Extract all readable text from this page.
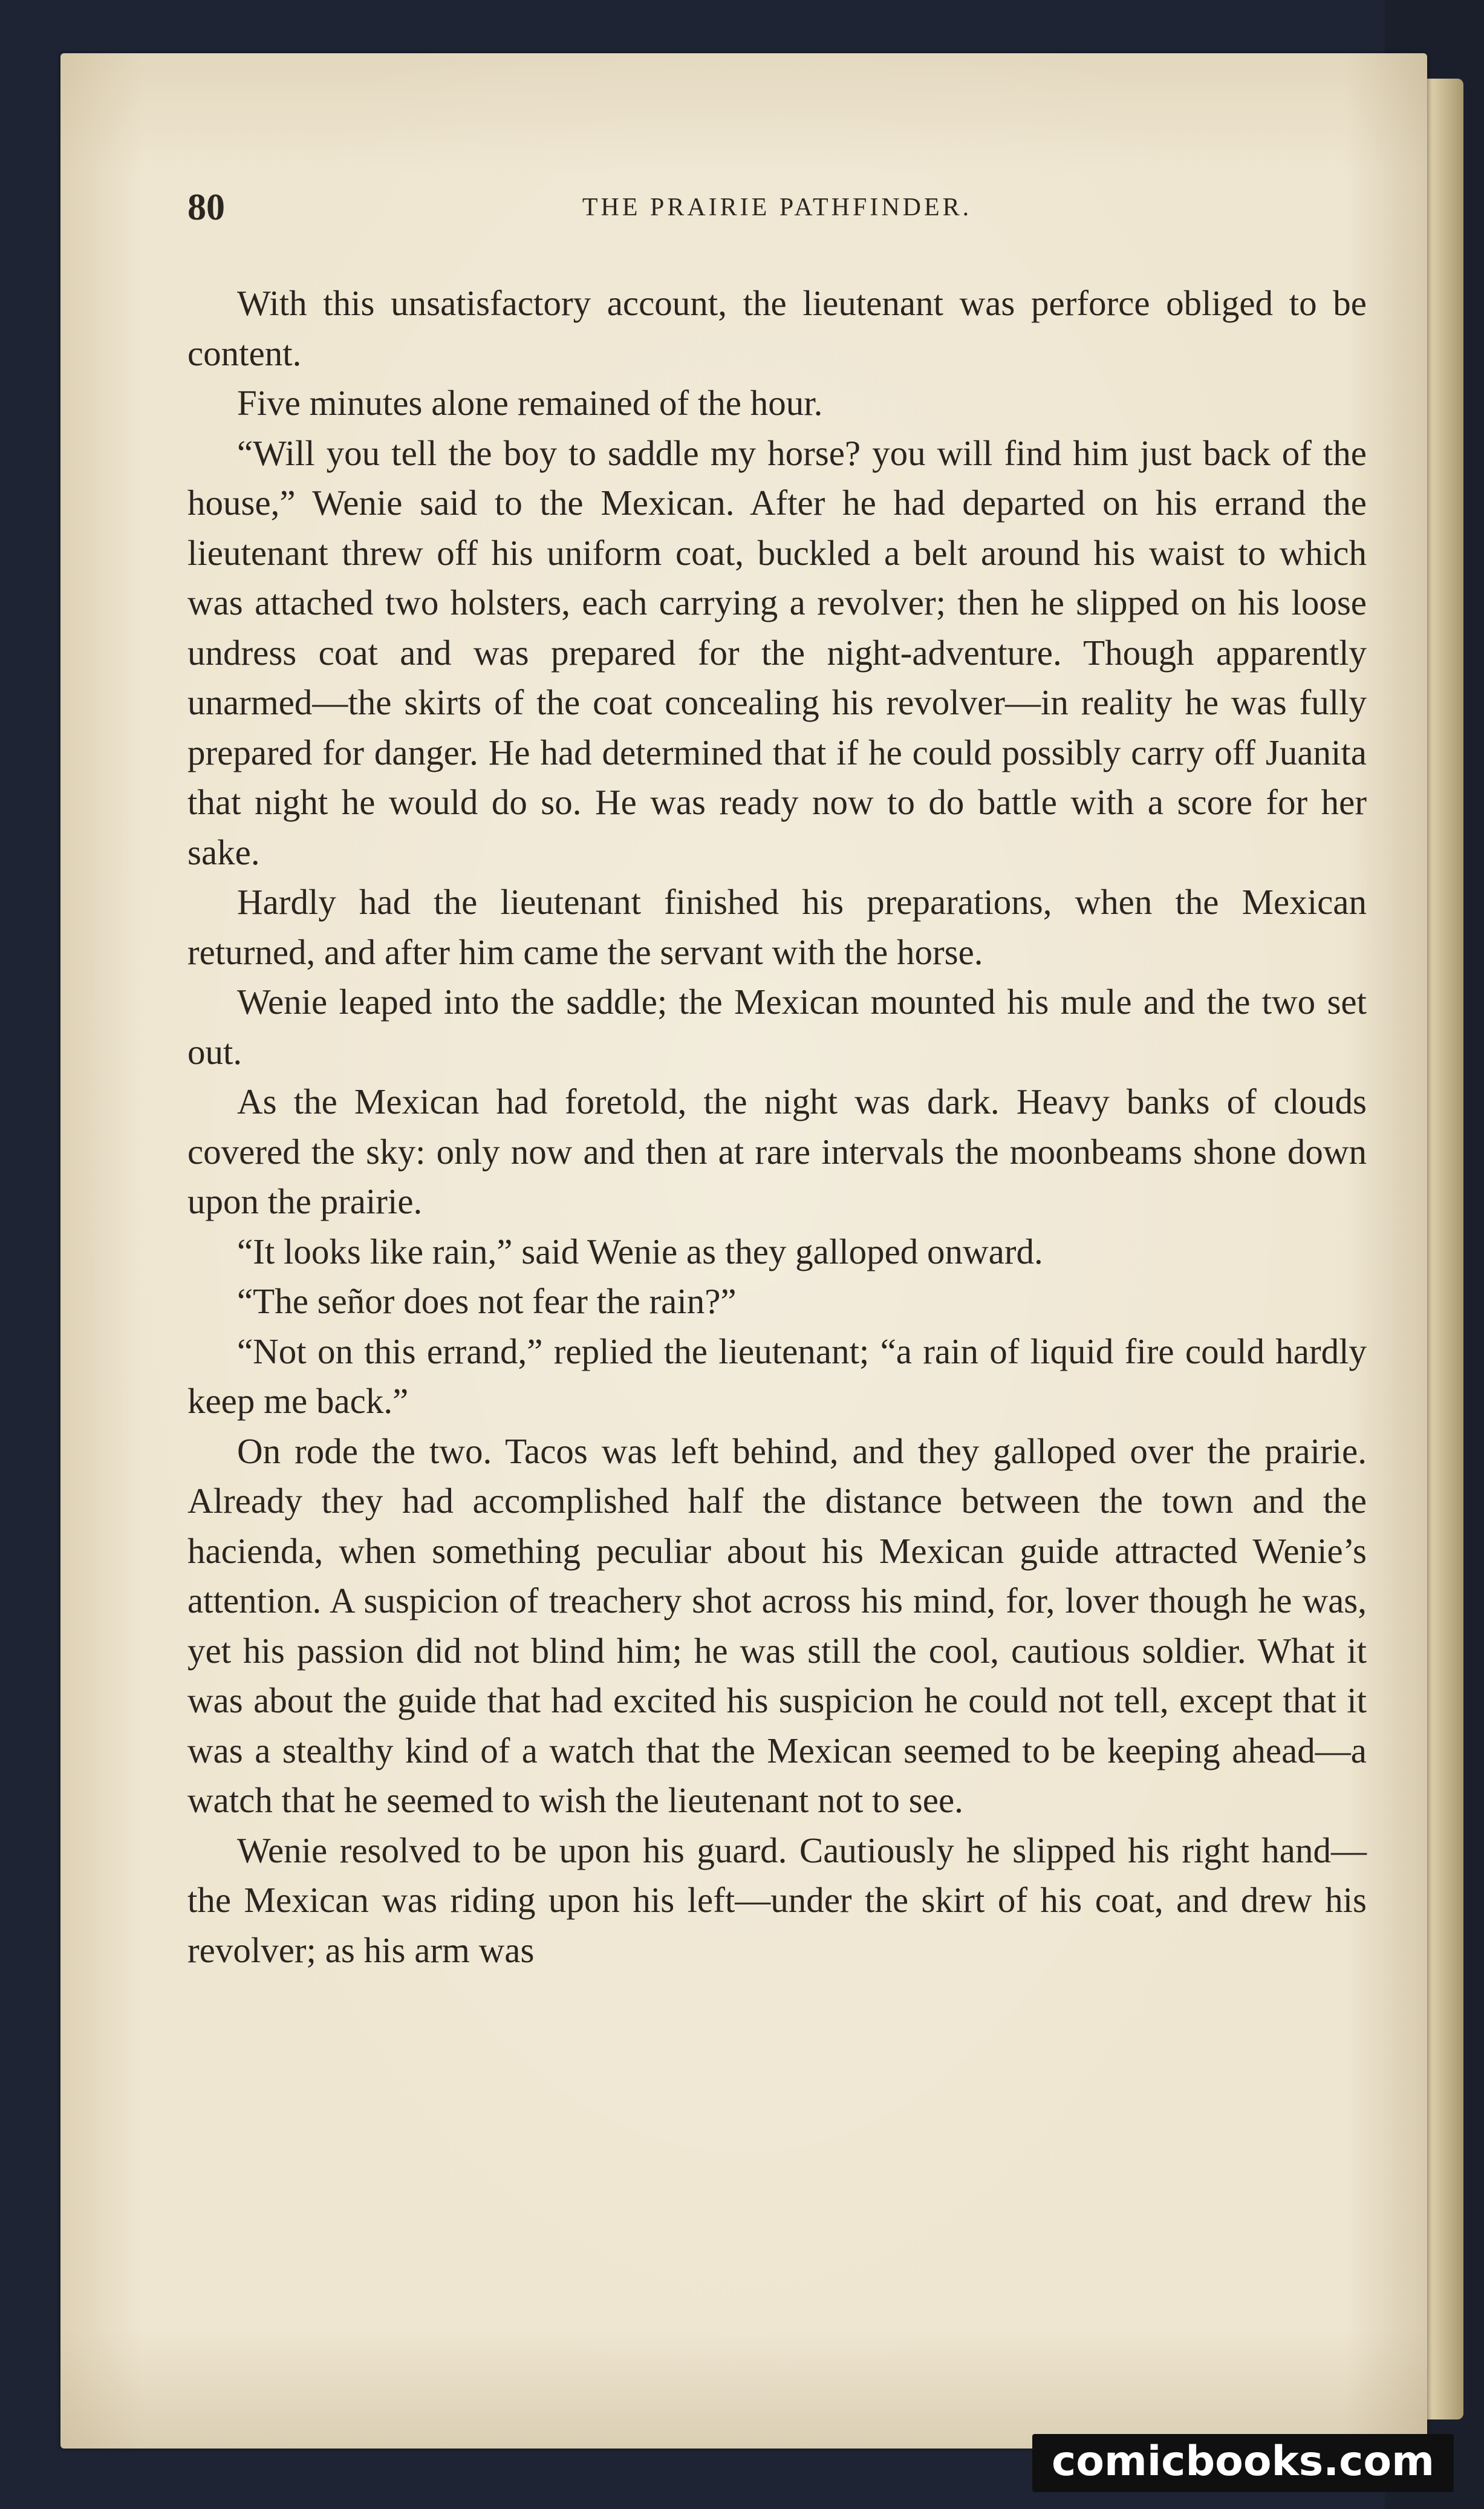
80	THE PRAIRIE PATHFINDER.

With this unsatisfactory account, the lieutenant was perforce obliged to be content.

Five minutes alone remained of the hour.

“Will you tell the boy to saddle my horse? you will find him just back of the house,” Wenie said to the Mexican. After he had departed on his errand the lieutenant threw off his uniform coat, buckled a belt around his waist to which was attached two holsters, each carrying a revolver; then he slipped on his loose undress coat and was prepared for the night-adventure. Though apparently unarmed—the skirts of the coat concealing his revolver—in reality he was fully prepared for danger. He had determined that if he could possibly carry off Juanita that night he would do so. He was ready now to do battle with a score for her sake.

Hardly had the lieutenant finished his preparations, when the Mexican returned, and after him came the servant with the horse.

Wenie leaped into the saddle; the Mexican mounted his mule and the two set out.

As the Mexican had foretold, the night was dark. Heavy banks of clouds covered the sky: only now and then at rare intervals the moonbeams shone down upon the prairie.

“It looks like rain,” said Wenie as they galloped onward.

“The señor does not fear the rain?”

“Not on this errand,” replied the lieutenant; “a rain of liquid fire could hardly keep me back.”

On rode the two. Tacos was left behind, and they galloped over the prairie. Already they had accomplished half the distance between the town and the hacienda, when something peculiar about his Mexican guide attracted Wenie’s attention. A suspicion of treachery shot across his mind, for, lover though he was, yet his passion did not blind him; he was still the cool, cautious soldier. What it was about the guide that had excited his suspicion he could not tell, except that it was a stealthy kind of a watch that the Mexican seemed to be keeping ahead—a watch that he seemed to wish the lieutenant not to see.

Wenie resolved to be upon his guard. Cautiously he slipped his right hand—the Mexican was riding upon his left—under the skirt of his coat, and drew his revolver; as his arm was

comicbooks.com
